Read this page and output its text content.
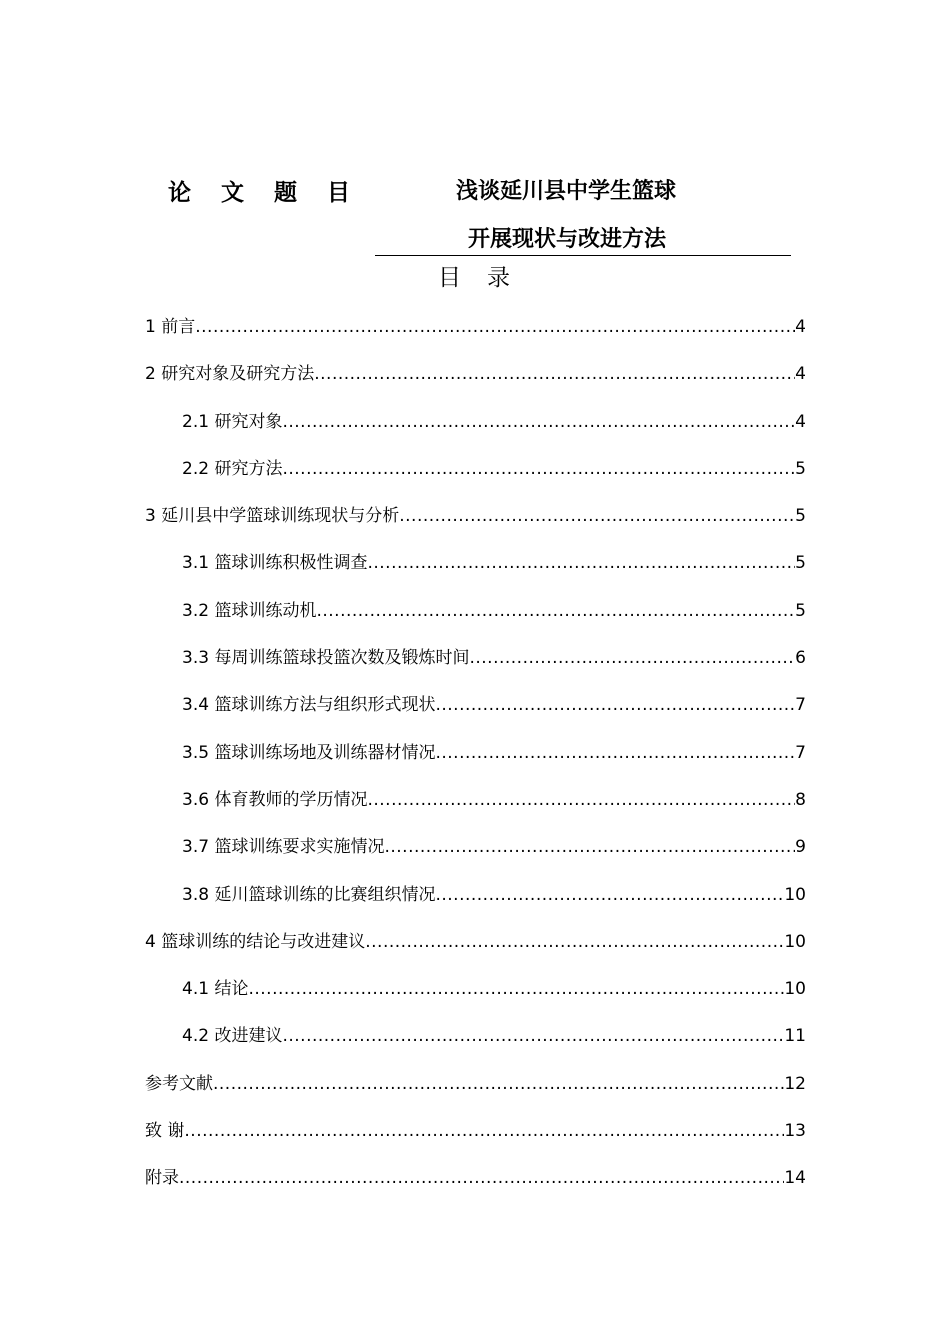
论文题目	浅谈延川县中学生篮球
开展现状与改进方法
目录
1 前言 .....	4
2 研究对象及研究方法 .....	4
2.1 研究对象 .....	4
2.2 研究方法 .....	5
3 延川县中学篮球训练现状与分析 .....	5
3.1 篮球训练积极性调查 .....	5
3.2 篮球训练动机 .....	5
3.3 每周训练篮球投篮次数及锻炼时间 .....	6
3.4 篮球训练方法与组织形式现状 .....	7
3.5 篮球训练场地及训练器材情况 .....	7
3.6 体育教师的学历情况 .....	8
3.7 篮球训练要求实施情况 .....	9
3.8 延川篮球训练的比赛组织情况 .....	10
4 篮球训练的结论与改进建议 .....	10
4.1 结论 .....	10
4.2 改进建议 .....	11
参考文献 .....	12
致 谢 .....	13
附录 .....	14
